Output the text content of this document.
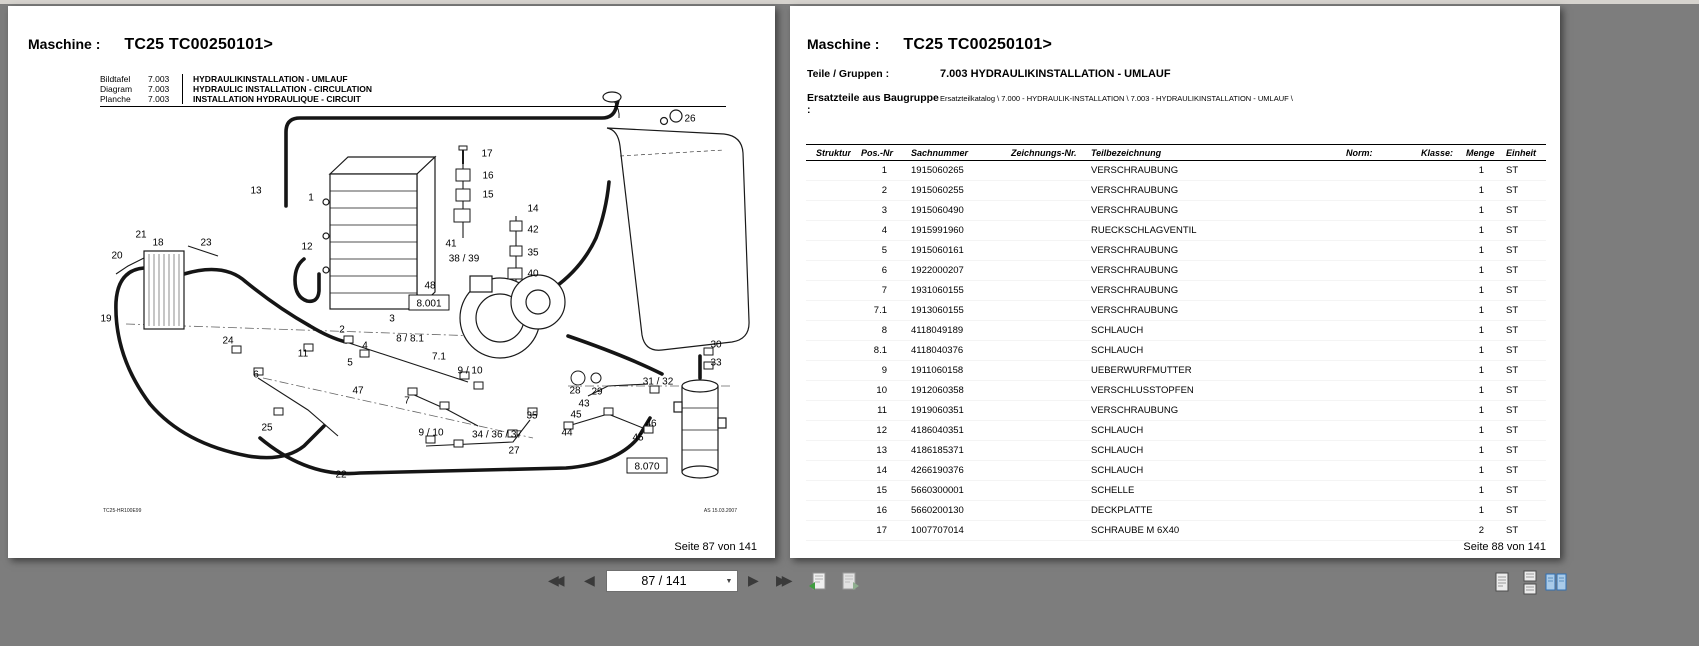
26
17
16
15
14
13
1
42
41
35
38 / 39
40
48
8.001
21
18	23
20
12
19	3
2
24	4
8 / 8.1
11
5
7.1
6	9 / 10
47
7
28 29
30
33
31 / 32
43
45
25	9 / 10	34 / 36 / 37
35
44
46
45
27
22
8.070
Maschine : TC25 TC00250101>
Bildtafel 7.003	HYDRAULIKINSTALLATION - UMLAUF
Diagram 7.003	HYDRAULIC INSTALLATION - CIRCULATION
Planche 7.003	INSTALLATION HYDRAULIQUE - CIRCUIT
TC25-HR100E99	AS 15.03.2007
Seite 87 von 141
Maschine : TC25 TC00250101>
Teile / Gruppen :	7.003 HYDRAULIKINSTALLATION - UMLAUF
Ersatzteile aus Baugruppe :
Ersatzteilkatalog \ 7.000 - HYDRAULIK-INSTALLATION \ 7.003 - HYDRAULIKINSTALLATION - UMLAUF \
Struktur	Pos.-Nr	Sachnummer	Zeichnungs-Nr.	Teilbezeichnung	Norm:	Klasse:	Menge	Einheit
	1	1915060265		VERSCHRAUBUNG			1	ST
	2	1915060255		VERSCHRAUBUNG			1	ST
	3	1915060490		VERSCHRAUBUNG			1	ST
	4	1915991960		RUECKSCHLAGVENTIL			1	ST
	5	1915060161		VERSCHRAUBUNG			1	ST
	6	1922000207		VERSCHRAUBUNG			1	ST
	7	1931060155		VERSCHRAUBUNG			1	ST
	7.1	1913060155		VERSCHRAUBUNG			1	ST
	8	4118049189		SCHLAUCH			1	ST
	8.1	4118040376		SCHLAUCH			1	ST
	9	1911060158		UEBERWURFMUTTER			1	ST
	10	1912060358		VERSCHLUSSTOPFEN			1	ST
	11	1919060351		VERSCHRAUBUNG			1	ST
	12	4186040351		SCHLAUCH			1	ST
	13	4186185371		SCHLAUCH			1	ST
	14	4266190376		SCHLAUCH			1	ST
	15	5660300001		SCHELLE			1	ST
	16	5660200130		DECKPLATTE			1	ST
	17	1007707014		SCHRAUBE M 6X40			2	ST
Seite 88 von 141
◀◀	◀
87 / 141	▼	▶ ▶▶
